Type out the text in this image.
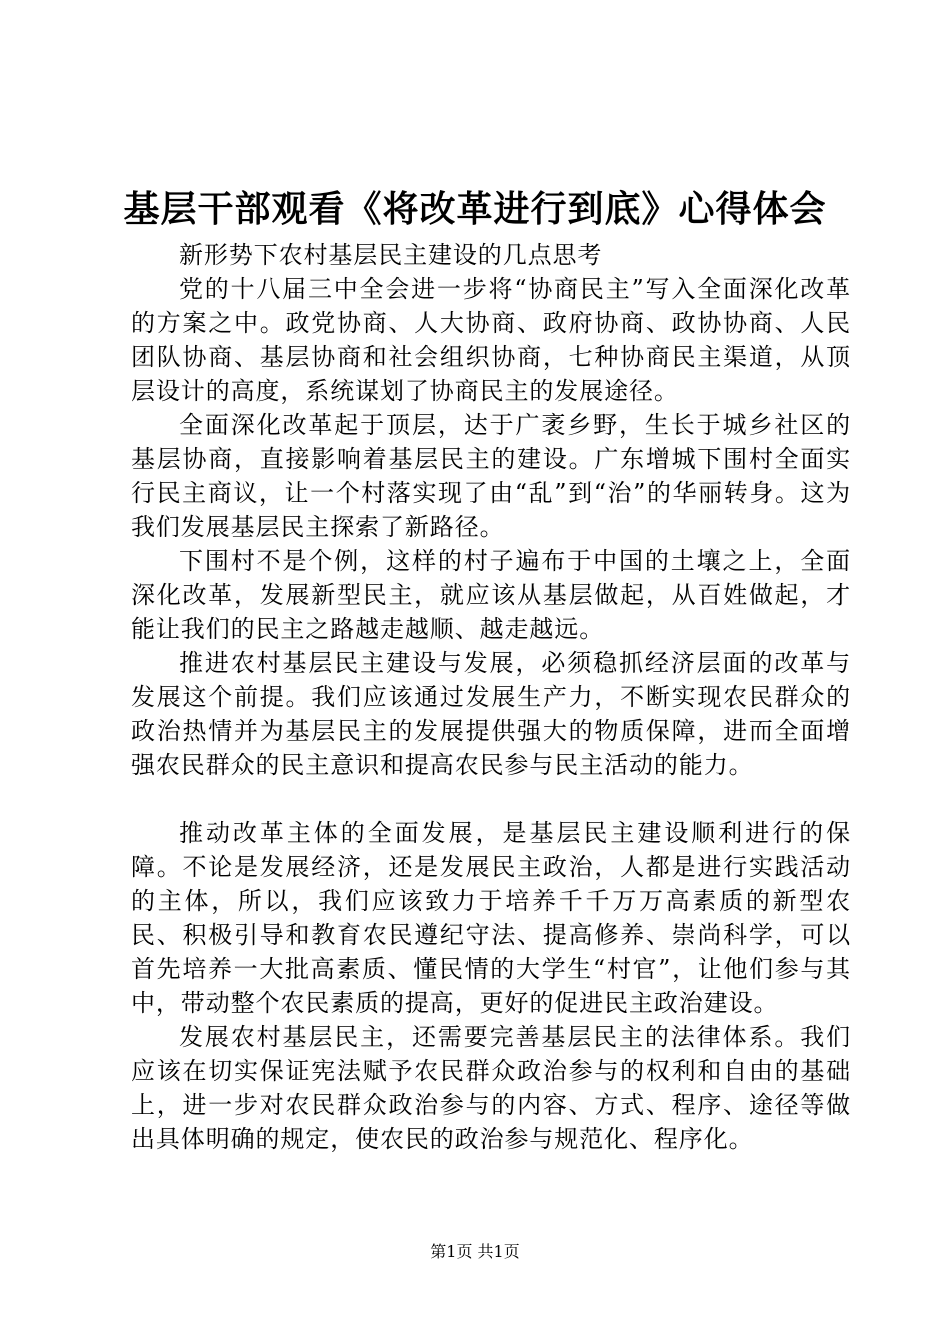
基层干部观看《将改革进行到底》心得体会

新形势下农村基层民主建设的几点思考

党的十八届三中全会进一步将“协商民主”写入全面深化改革的方案之中。政党协商、人大协商、政府协商、政协协商、人民团队协商、基层协商和社会组织协商，七种协商民主渠道，从顶层设计的高度，系统谋划了协商民主的发展途径。

全面深化改革起于顶层，达于广袤乡野，生长于城乡社区的基层协商，直接影响着基层民主的建设。广东增城下围村全面实行民主商议，让一个村落实现了由“乱”到“治”的华丽转身。这为我们发展基层民主探索了新路径。

下围村不是个例，这样的村子遍布于中国的土壤之上，全面深化改革，发展新型民主，就应该从基层做起，从百姓做起，才能让我们的民主之路越走越顺、越走越远。

推进农村基层民主建设与发展，必须稳抓经济层面的改革与发展这个前提。我们应该通过发展生产力，不断实现农民群众的政治热情并为基层民主的发展提供强大的物质保障，进而全面增强农民群众的民主意识和提高农民参与民主活动的能力。

推动改革主体的全面发展，是基层民主建设顺利进行的保障。不论是发展经济，还是发展民主政治，人都是进行实践活动的主体，所以，我们应该致力于培养千千万万高素质的新型农民、积极引导和教育农民遵纪守法、提高修养、崇尚科学，可以首先培养一大批高素质、懂民情的大学生“村官”，让他们参与其中，带动整个农民素质的提高，更好的促进民主政治建设。

发展农村基层民主，还需要完善基层民主的法律体系。我们应该在切实保证宪法赋予农民群众政治参与的权利和自由的基础上，进一步对农民群众政治参与的内容、方式、程序、途径等做出具体明确的规定，使农民的政治参与规范化、程序化。

第1页 共1页
